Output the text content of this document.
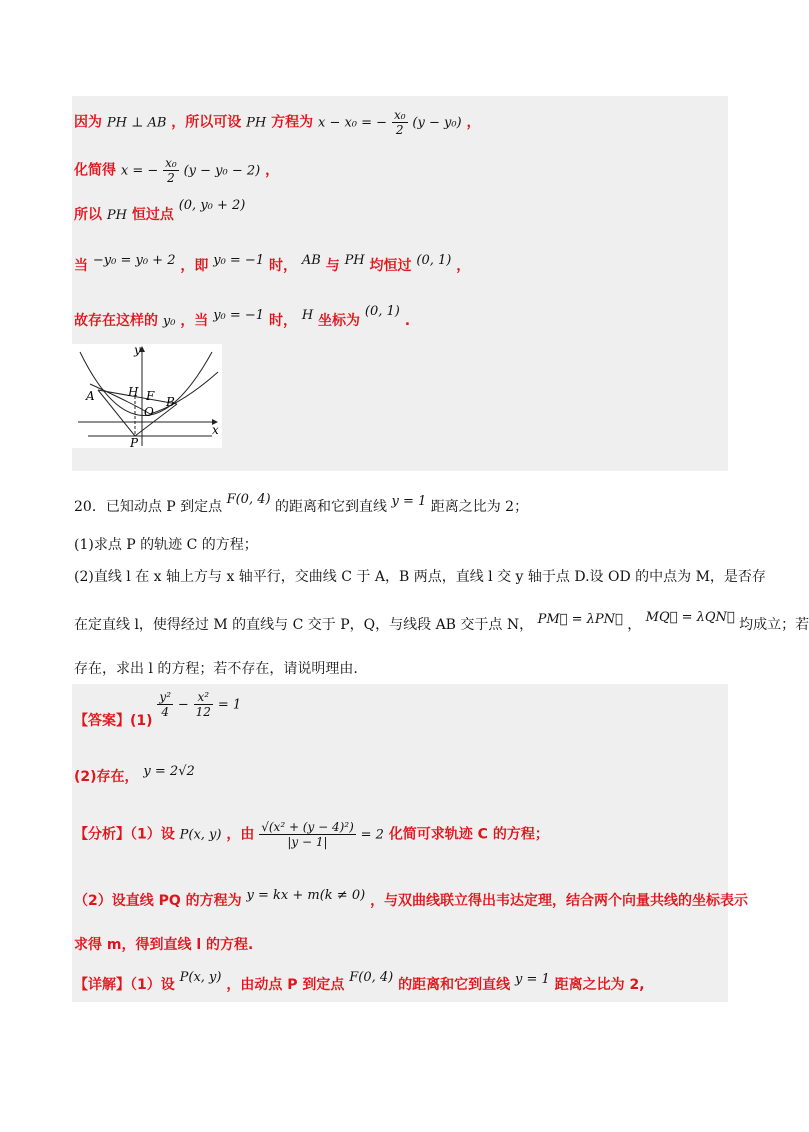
因为 PH ⊥ AB ，所以可设 PH 方程为 x − x₀ = − $\frac{\text{x₀}}{2} (y - y_0)$ ，
化简得 x = − $\frac{\text{x₀}}{2} (y - y_0 - 2)$ ，
所以 PH 恒过点 (0, y₀ + 2)
当 −y₀ = y₀ + 2 ，即 y₀ = −1 时， AB 与 PH 均恒过 (0, 1) ，
故存在这样的 y₀ ，当 y₀ = −1 时， H 坐标为 (0, 1) .
y
x
A	H F
O
B
P
20．已知动点 P 到定点 F(0, 4) 的距离和它到直线 y = 1 距离之比为 2；
(1)求点 P 的轨迹 C 的方程；
(2)直线 l 在 x 轴上方与 x 轴平行，交曲线 C 于 A，B 两点，直线 l 交 y 轴于点 D.设 OD 的中点为 M，是否存
在定直线 l，使得经过 M 的直线与 C 交于 P，Q，与线段 AB 交于点 N， PM⃗ = λPN⃗ ， MQ⃗ = λQN⃗ 均成立；若
存在，求出 l 的方程；若不存在，请说明理由.
【答案】(1)
$\frac{\text{y²}}{4} - \frac{\text{x²}}{12} = 1$
(2)存在， y = 2√2
【分析】（1）设 P(x, y) ，由 $\frac{\text{√(x² + (y − 4)²)}}{|y - 1|} = 2$ 化简可求轨迹 C 的方程；
（2）设直线 PQ 的方程为 y = kx + m(k ≠ 0) ，与双曲线联立得出韦达定理，结合两个向量共线的坐标表示
求得 m，得到直线 l 的方程.
【详解】（1）设 P(x, y) ，由动点 P 到定点 F(0, 4) 的距离和它到直线 y = 1 距离之比为 2,
